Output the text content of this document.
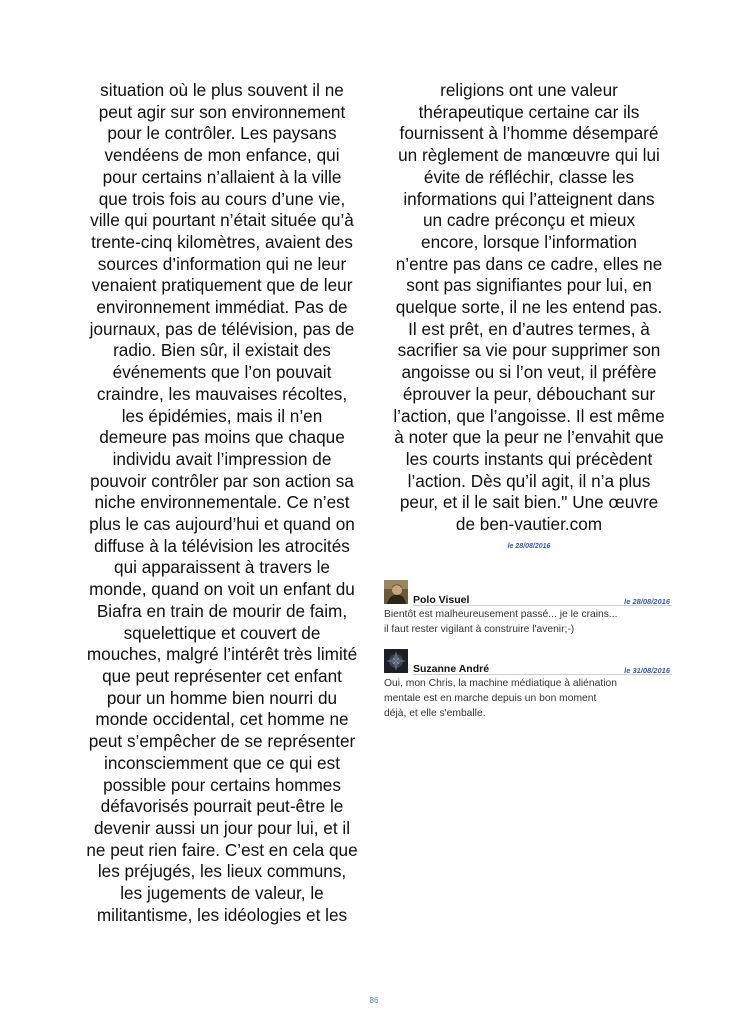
situation où le plus souvent il ne

peut agir sur son environnement

pour le contrôler. Les paysans

vendéens de mon enfance, qui

pour certains n’allaient à la ville

que trois fois au cours d’une vie,

ville qui pourtant n’était située qu’à

trente-cinq kilomètres, avaient des

sources d’information qui ne leur

venaient pratiquement que de leur

environnement immédiat. Pas de

journaux, pas de télévision, pas de

radio. Bien sûr, il existait des

événements que l’on pouvait

craindre, les mauvaises récoltes,

les épidémies, mais il n’en

demeure pas moins que chaque

individu avait l’impression de

pouvoir contrôler par son action sa

niche environnementale. Ce n’est

plus le cas aujourd’hui et quand on

diffuse à la télévision les atrocités

qui apparaissent à travers le

monde, quand on voit un enfant du

Biafra en train de mourir de faim,

squelettique et couvert de

mouches, malgré l’intérêt très limité

que peut représenter cet enfant

pour un homme bien nourri du

monde occidental, cet homme ne

peut s’empêcher de se représenter

inconsciemment que ce qui est

possible pour certains hommes

défavorisés pourrait peut-être le

devenir aussi un jour pour lui, et il

ne peut rien faire. C’est en cela que

les préjugés, les lieux communs,

les jugements de valeur, le

militantisme, les idéologies et les

religions ont une valeur

thérapeutique certaine car ils

fournissent à l’homme désemparé

un règlement de manœuvre qui lui

évite de réfléchir, classe les

informations qui l’atteignent dans

un cadre préconçu et mieux

encore, lorsque l’information

n’entre pas dans ce cadre, elles ne

sont pas signifiantes pour lui, en

quelque sorte, il ne les entend pas.

Il est prêt, en d’autres termes, à

sacrifier sa vie pour supprimer son

angoisse ou si l’on veut, il préfère

éprouver la peur, débouchant sur

l’action, que l’angoisse. Il est même

à noter que la peur ne l’envahit que

les courts instants qui précèdent

l’action. Dès qu’il agit, il n’a plus

peur, et il le sait bien." Une œuvre

de ben-vautier.com

le 28/08/2016
Polo Visuel	le 28/08/2016

Bientôt est malheureusement passé... je le crains...

il faut rester vigilant à construire l'avenir;-)

Suzanne André	le 31/08/2016

Oui, mon Chris, la machine médiatique à aliénation

mentale est en marche depuis un bon moment

déjà, et elle s'emballe.

86
